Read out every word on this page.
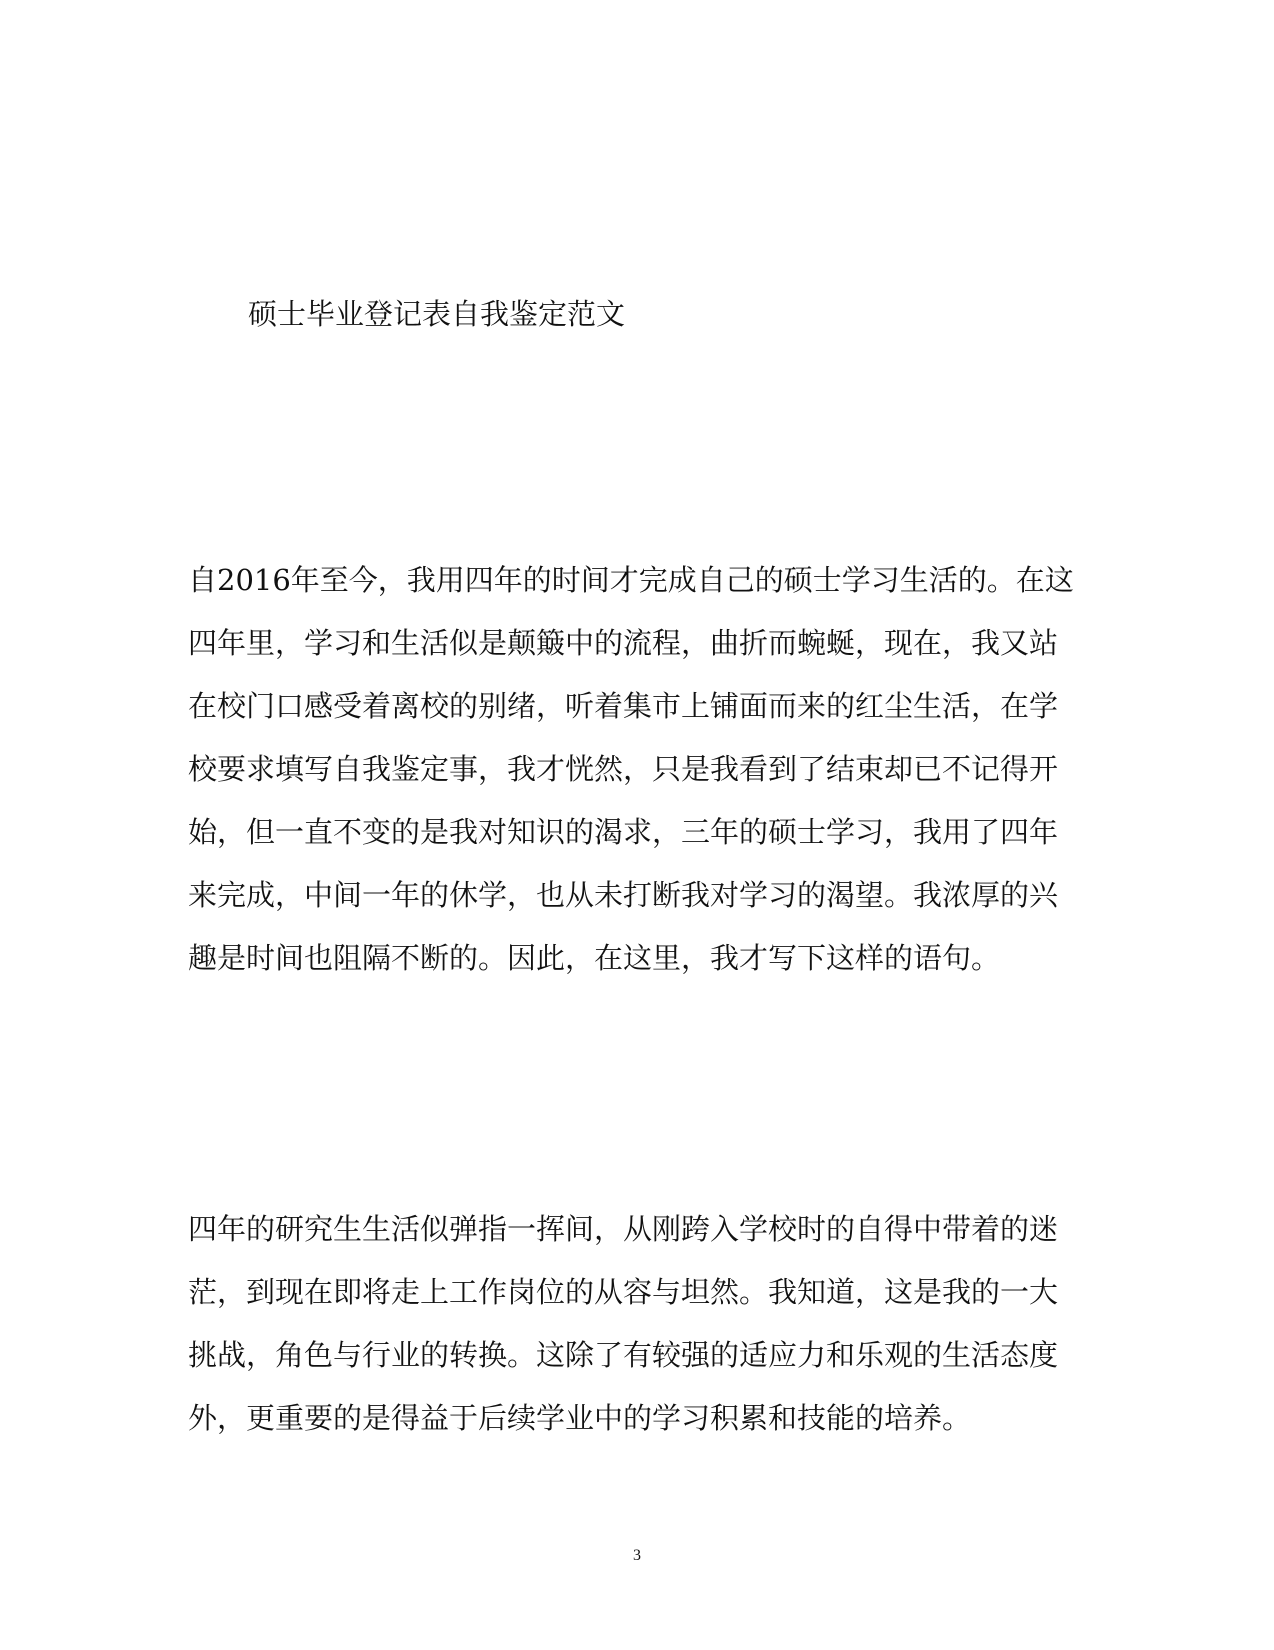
硕士毕业登记表自我鉴定范文
自2016年至今，我用四年的时间才完成自己的硕士学习生活的。在这
四年里，学习和生活似是颠簸中的流程，曲折而蜿蜒，现在，我又站
在校门口感受着离校的别绪，听着集市上铺面而来的红尘生活，在学
校要求填写自我鉴定事，我才恍然，只是我看到了结束却已不记得开
始，但一直不变的是我对知识的渴求，三年的硕士学习，我用了四年
来完成，中间一年的休学，也从未打断我对学习的渴望。我浓厚的兴
趣是时间也阻隔不断的。因此，在这里，我才写下这样的语句。
四年的研究生生活似弹指一挥间，从刚跨入学校时的自得中带着的迷
茫，到现在即将走上工作岗位的从容与坦然。我知道，这是我的一大
挑战，角色与行业的转换。这除了有较强的适应力和乐观的生活态度
外，更重要的是得益于后续学业中的学习积累和技能的培养。
3
